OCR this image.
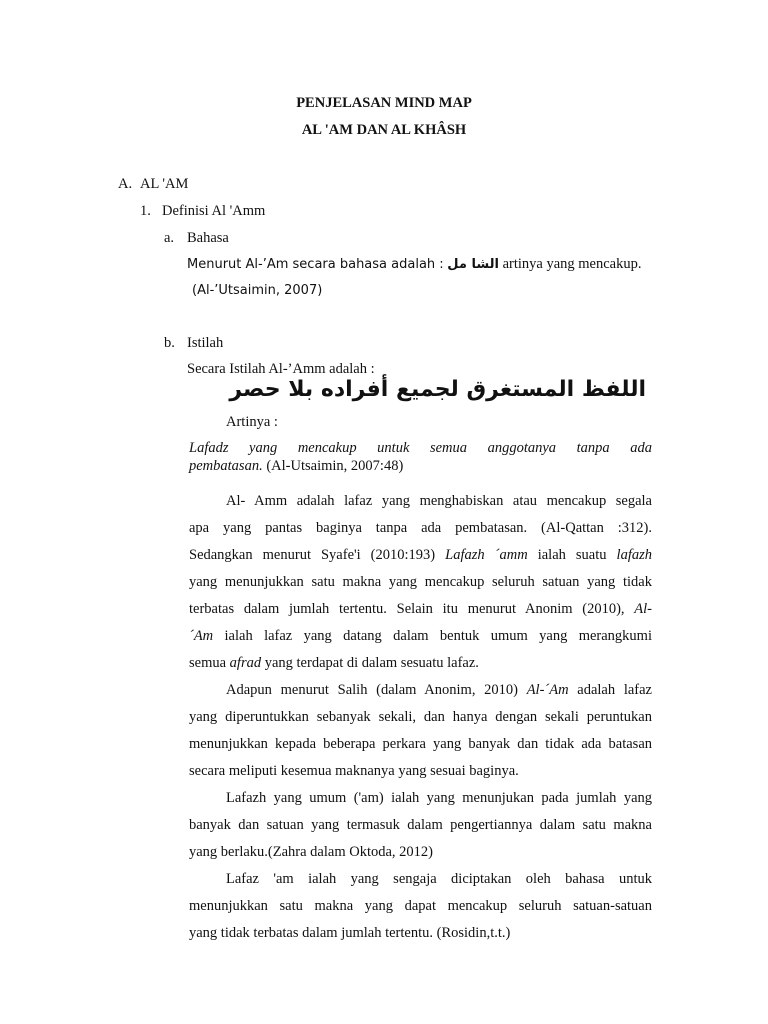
PENJELASAN MIND MAP
AL 'AM DAN AL KHÂSH
A. AL 'AM
1. Definisi Al 'Amm
a. Bahasa
Menurut Al-’Am secara bahasa adalah : الشا مل artinya yang mencakup.
(Al-’Utsaimin, 2007)
b. Istilah
Secara Istilah Al-’Amm adalah :
اللفظ المستغرق لجميع أفراده بلا حصر
Artinya :
Lafadz yang mencakup untuk semua anggotanya tanpa ada
pembatasan. (Al-Utsaimin, 2007:48)
Al- Amm adalah lafaz yang menghabiskan atau mencakup segala
apa yang pantas baginya tanpa ada pembatasan. (Al-Qattan :312).
Sedangkan menurut Syafe'i (2010:193) Lafazh ´amm ialah suatu lafazh
yang menunjukkan satu makna yang mencakup seluruh satuan yang tidak
terbatas dalam jumlah tertentu. Selain itu menurut Anonim (2010), Al-
´Am ialah lafaz yang datang dalam bentuk umum yang merangkumi
semua afrad yang terdapat di dalam sesuatu lafaz.
Adapun menurut Salih (dalam Anonim, 2010) Al-´Am adalah lafaz
yang diperuntukkan sebanyak sekali, dan hanya dengan sekali peruntukan
menunjukkan kepada beberapa perkara yang banyak dan tidak ada batasan
secara meliputi kesemua maknanya yang sesuai baginya.
Lafazh yang umum ('am) ialah yang menunjukan pada jumlah yang
banyak dan satuan yang termasuk dalam pengertiannya dalam satu makna
yang berlaku.(Zahra dalam Oktoda, 2012)
Lafaz 'am ialah yang sengaja diciptakan oleh bahasa untuk
menunjukkan satu makna yang dapat mencakup seluruh satuan-satuan
yang tidak terbatas dalam jumlah tertentu. (Rosidin,t.t.)
